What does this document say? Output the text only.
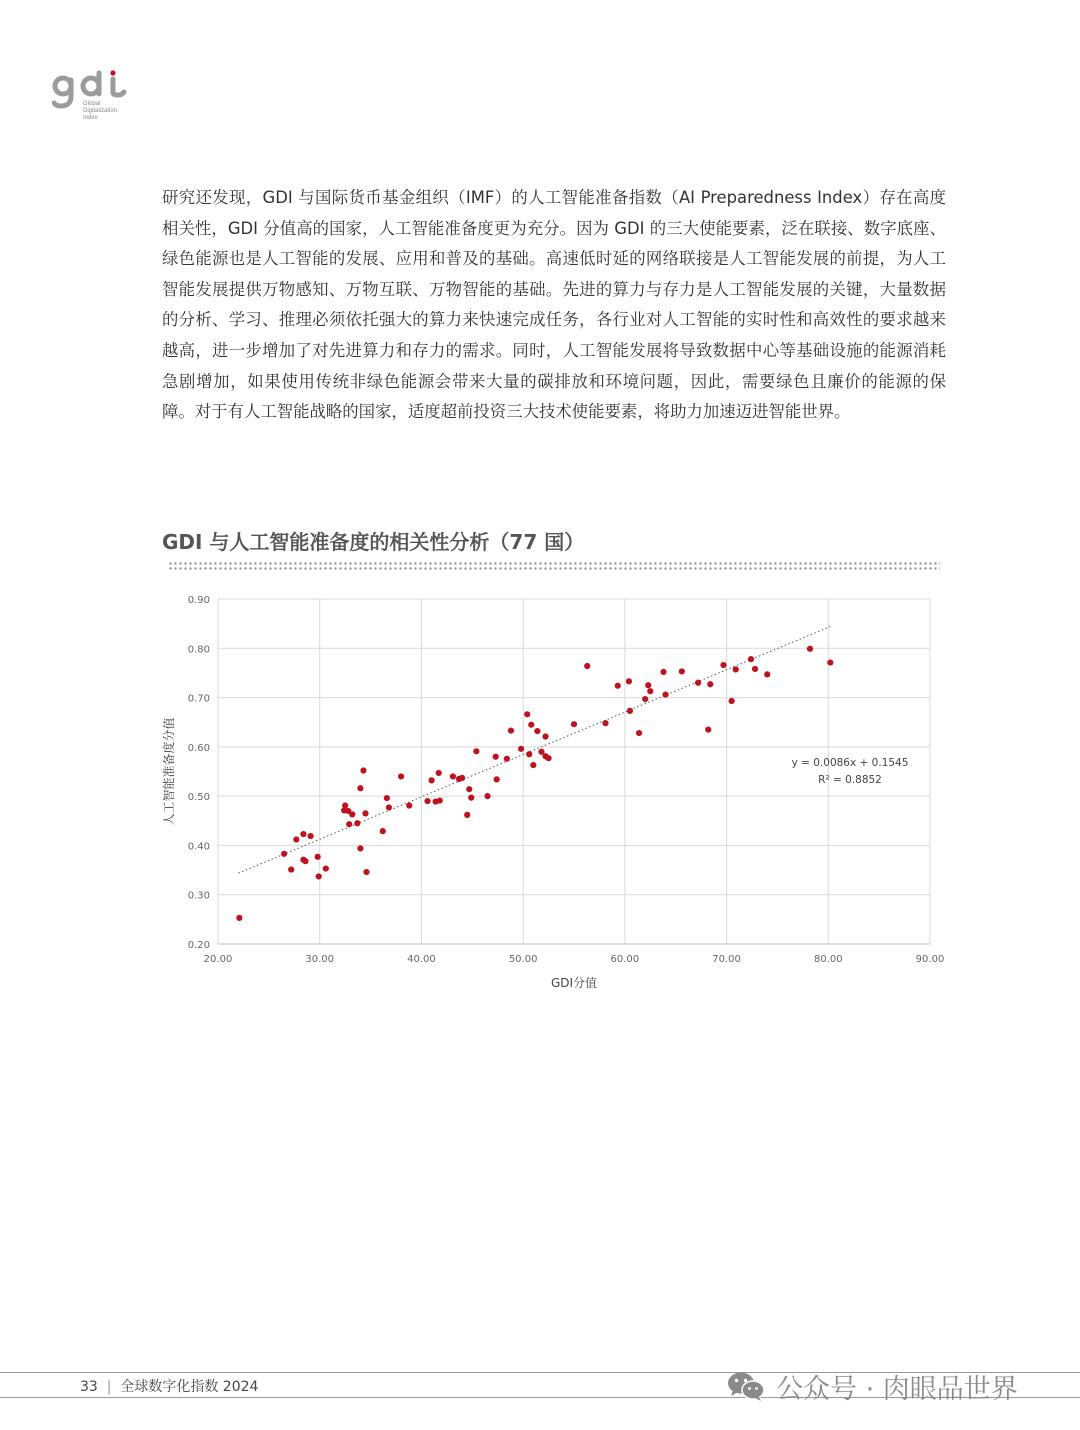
Global
Digitalization
Index

研究还发现，GDI 与国际货币基金组织（IMF）的人工智能准备指数（AI Preparedness Index）存在高度相关性，GDI 分值高的国家，人工智能准备度更为充分。因为 GDI 的三大使能要素，泛在联接、数字底座、绿色能源也是人工智能的发展、应用和普及的基础。高速低时延的网络联接是人工智能发展的前提，为人工智能发展提供万物感知、万物互联、万物智能的基础。先进的算力与存力是人工智能发展的关键，大量数据的分析、学习、推理必须依托强大的算力来快速完成任务，各行业对人工智能的实时性和高效性的要求越来越高，进一步增加了对先进算力和存力的需求。同时，人工智能发展将导致数据中心等基础设施的能源消耗急剧增加，如果使用传统非绿色能源会带来大量的碳排放和环境问题，因此，需要绿色且廉价的能源的保障。对于有人工智能战略的国家，适度超前投资三大技术使能要素，将助力加速迈进智能世界。

GDI 与人工智能准备度的相关性分析（77 国）
20.00	30.00	40.00	50.00	60.00	70.00	80.00	90.00
0.20
0.30
0.40
0.50
0.60
0.70
0.80
0.90
GDI分值
人工智能准备度分值	y = 0.0086x + 0.1545
R² = 0.8852
33 | 全球数字化指数 2024	公众号 · 肉眼品世界
